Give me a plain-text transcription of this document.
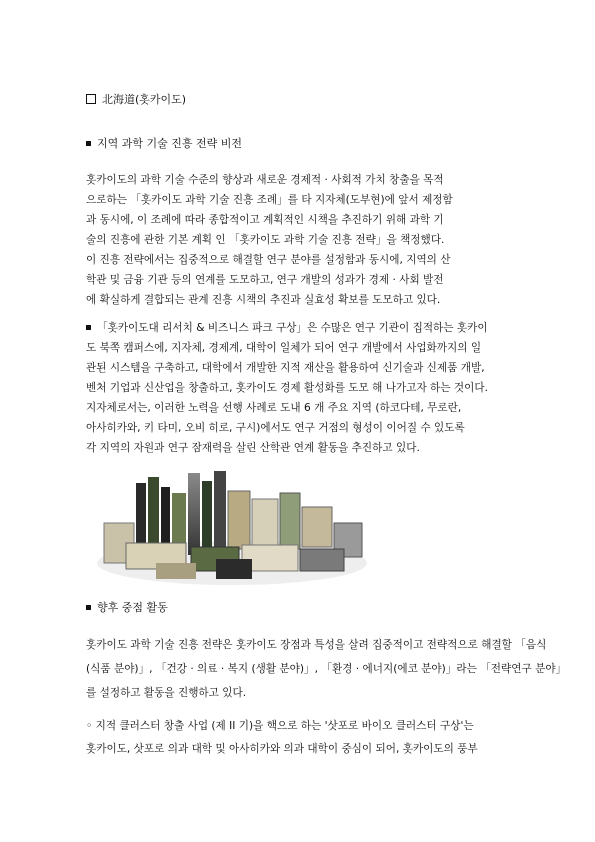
北海道(홋카이도)
지역 과학 기술 진흥 전략 비전
홋카이도의 과학 기술 수준의 향상과 새로운 경제적 · 사회적 가치 창출을 목적
으로하는 「홋카이도 과학 기술 진흥 조례」를 타 지자체(도부현)에 앞서 제정함
과 동시에, 이 조례에 따라 종합적이고 계획적인 시책을 추진하기 위해 과학 기
술의 진흥에 관한 기본 계획 인 「홋카이도 과학 기술 진흥 전략」을 책정했다.
이 진흥 전략에서는 집중적으로 해결할 연구 분야를 설정함과 동시에, 지역의 산
학관 및 금융 기관 등의 연계를 도모하고, 연구 개발의 성과가 경제 · 사회 발전
에 확실하게 결합되는 관계 진흥 시책의 추진과 실효성 확보를 도모하고 있다.
「홋카이도대 리서치 & 비즈니스 파크 구상」은 수많은 연구 기관이 집적하는 홋카이
도 북쪽 캠퍼스에, 지자체, 경제계, 대학이 일체가 되어 연구 개발에서 사업화까지의 일
관된 시스템을 구축하고, 대학에서 개발한 지적 재산을 활용하여 신기술과 신제품 개발,
벤처 기업과 신산업을 창출하고, 홋카이도 경제 활성화를 도모 해 나가고자 하는 것이다.
지자체로서는, 이러한 노력을 선행 사례로 도내 6 개 주요 지역 (하코다테, 무로란,
아사히카와, 키 타미, 오비 히로, 구시)에서도 연구 거점의 형성이 이어질 수 있도록
각 지역의 자원과 연구 잠재력을 살린 산학관 연계 활동을 추진하고 있다.
향후 중점 활동
홋카이도 과학 기술 진흥 전략은 홋카이도 장점과 특성을 살려 집중적이고 전략적으로 해결할 「음식
(식품 분야)」, 「건강 · 의료 · 복지 (생활 분야)」, 「환경 · 에너지(에코 분야)」라는 「전략연구 분야」
를 설정하고 활동을 진행하고 있다.
◦ 지적 클러스터 창출 사업 (제 II 기)을 핵으로 하는 '삿포로 바이오 클러스터 구상'는
홋카이도, 삿포로 의과 대학 및 아사히카와 의과 대학이 중심이 되어, 홋카이도의 풍부
